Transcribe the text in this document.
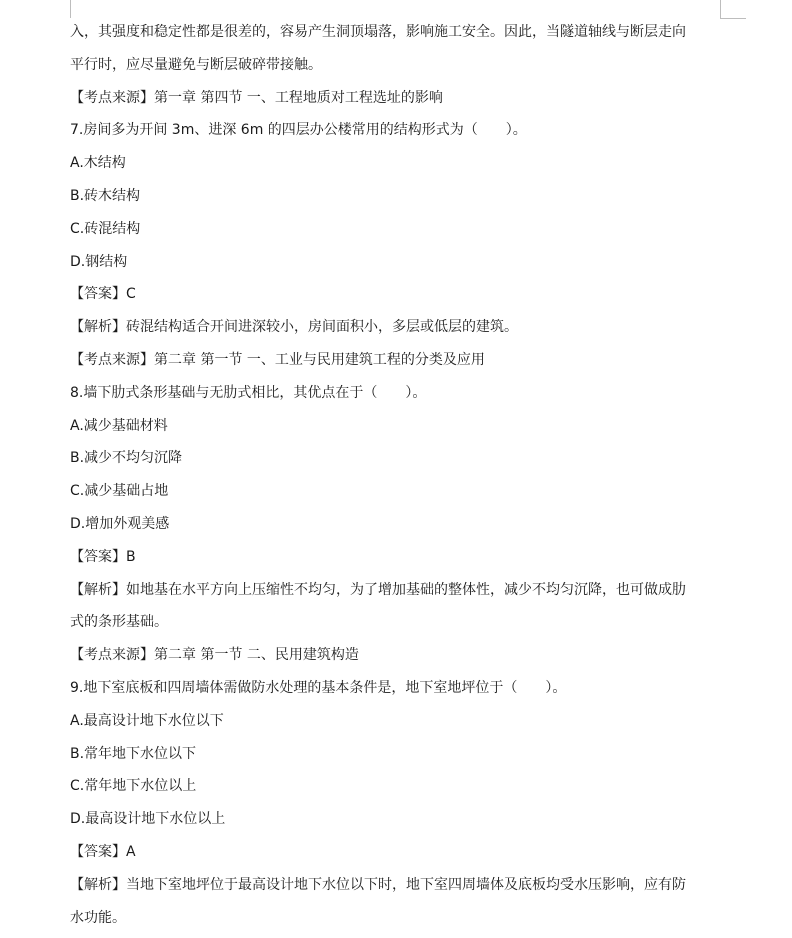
入，其强度和稳定性都是很差的，容易产生洞顶塌落，影响施工安全。因此，当隧道轴线与断层走向
平行时，应尽量避免与断层破碎带接触。
【考点来源】第一章 第四节 一、工程地质对工程选址的影响
7.房间多为开间 3m、进深 6m 的四层办公楼常用的结构形式为（　　）。
A.木结构
B.砖木结构
C.砖混结构
D.钢结构
【答案】C
【解析】砖混结构适合开间进深较小，房间面积小，多层或低层的建筑。
【考点来源】第二章 第一节 一、工业与民用建筑工程的分类及应用
8.墙下肋式条形基础与无肋式相比，其优点在于（　　）。
A.减少基础材料
B.减少不均匀沉降
C.减少基础占地
D.增加外观美感
【答案】B
【解析】如地基在水平方向上压缩性不均匀，为了增加基础的整体性，减少不均匀沉降，也可做成肋
式的条形基础。
【考点来源】第二章 第一节 二、民用建筑构造
9.地下室底板和四周墙体需做防水处理的基本条件是，地下室地坪位于（　　）。
A.最高设计地下水位以下
B.常年地下水位以下
C.常年地下水位以上
D.最高设计地下水位以上
【答案】A
【解析】当地下室地坪位于最高设计地下水位以下时，地下室四周墙体及底板均受水压影响，应有防
水功能。
